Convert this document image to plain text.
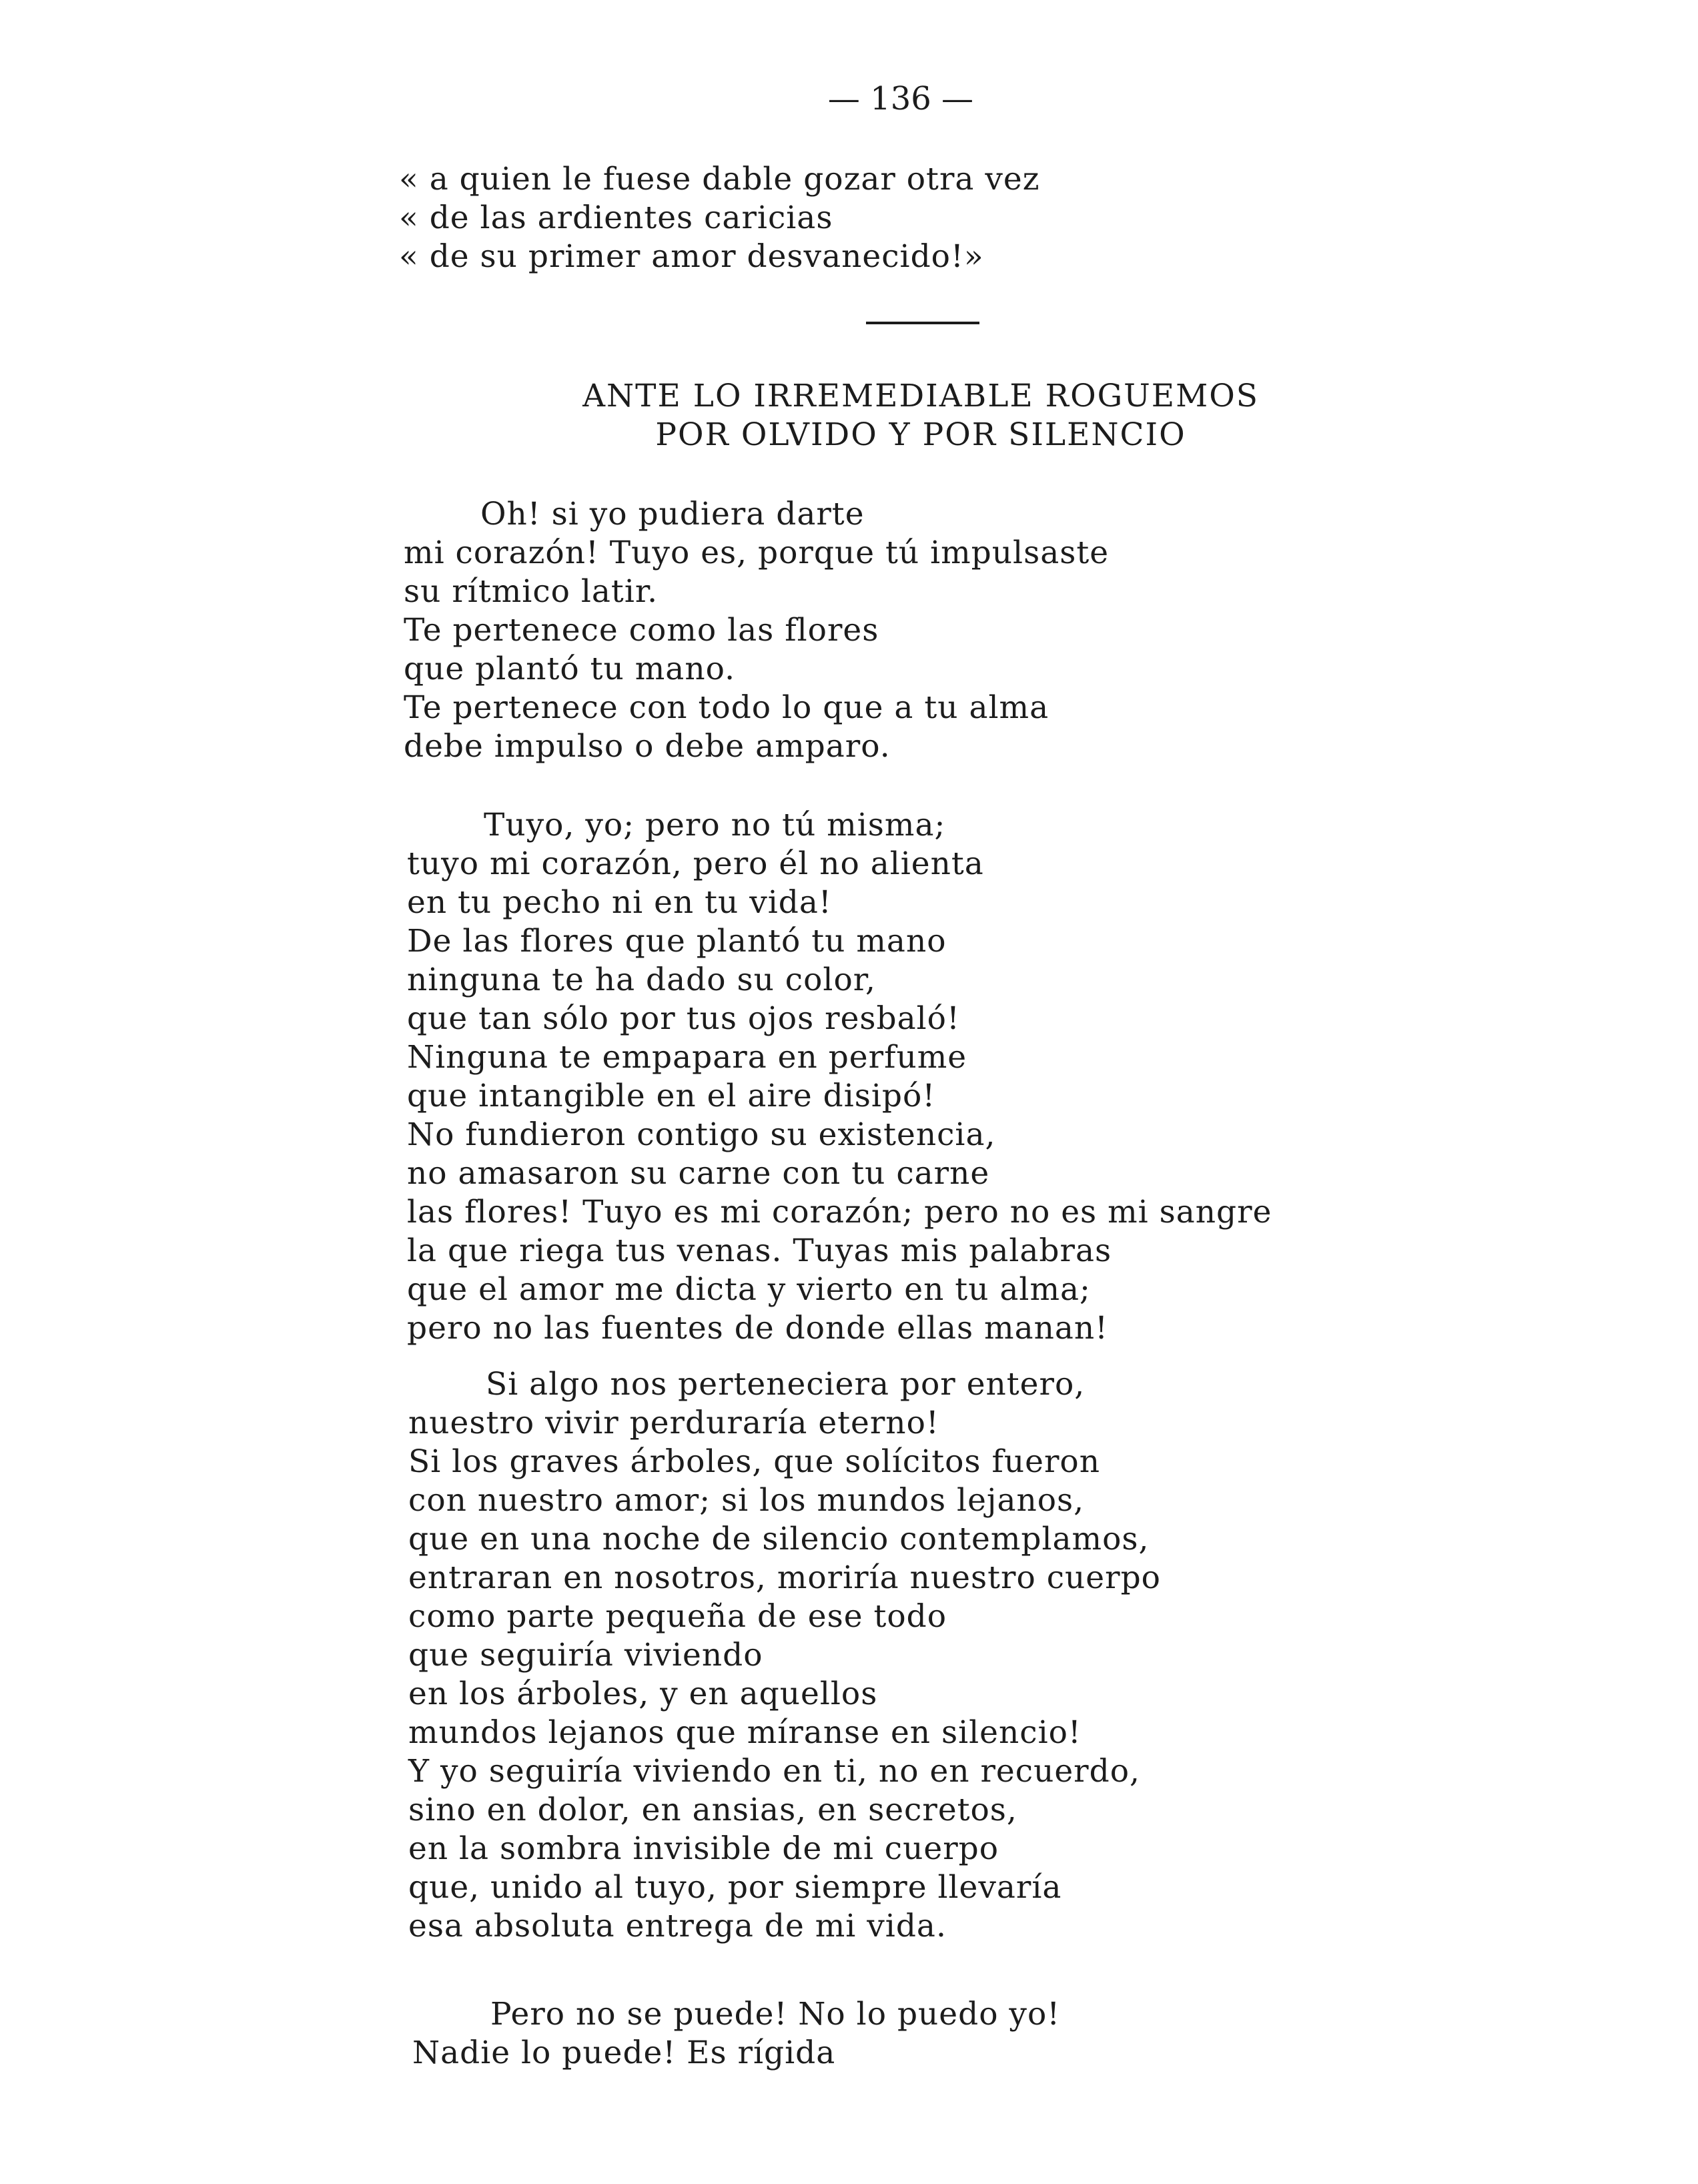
— 136 —
« a quien le fuese dable gozar otra vez
« de las ardientes caricias
« de su primer amor desvanecido!»
ANTE LO IRREMEDIABLE ROGUEMOS
POR OLVIDO Y POR SILENCIO
Oh! si yo pudiera darte
mi corazón! Tuyo es, porque tú impulsaste
su rítmico latir.
Te pertenece como las flores
que plantó tu mano.
Te pertenece con todo lo que a tu alma
debe impulso o debe amparo.
Tuyo, yo; pero no tú misma;
tuyo mi corazón, pero él no alienta
en tu pecho ni en tu vida!
De las flores que plantó tu mano
ninguna te ha dado su color,
que tan sólo por tus ojos resbaló!
Ninguna te empapara en perfume
que intangible en el aire disipó!
No fundieron contigo su existencia,
no amasaron su carne con tu carne
las flores! Tuyo es mi corazón; pero no es mi sangre
la que riega tus venas. Tuyas mis palabras
que el amor me dicta y vierto en tu alma;
pero no las fuentes de donde ellas manan!
Si algo nos perteneciera por entero,
nuestro vivir perduraría eterno!
Si los graves árboles, que solícitos fueron
con nuestro amor; si los mundos lejanos,
que en una noche de silencio contemplamos,
entraran en nosotros, moriría nuestro cuerpo
como parte pequeña de ese todo
que seguiría viviendo
en los árboles, y en aquellos
mundos lejanos que míranse en silencio!
Y yo seguiría viviendo en ti, no en recuerdo,
sino en dolor, en ansias, en secretos,
en la sombra invisible de mi cuerpo
que, unido al tuyo, por siempre llevaría
esa absoluta entrega de mi vida.
Pero no se puede! No lo puedo yo!
Nadie lo puede! Es rígida
